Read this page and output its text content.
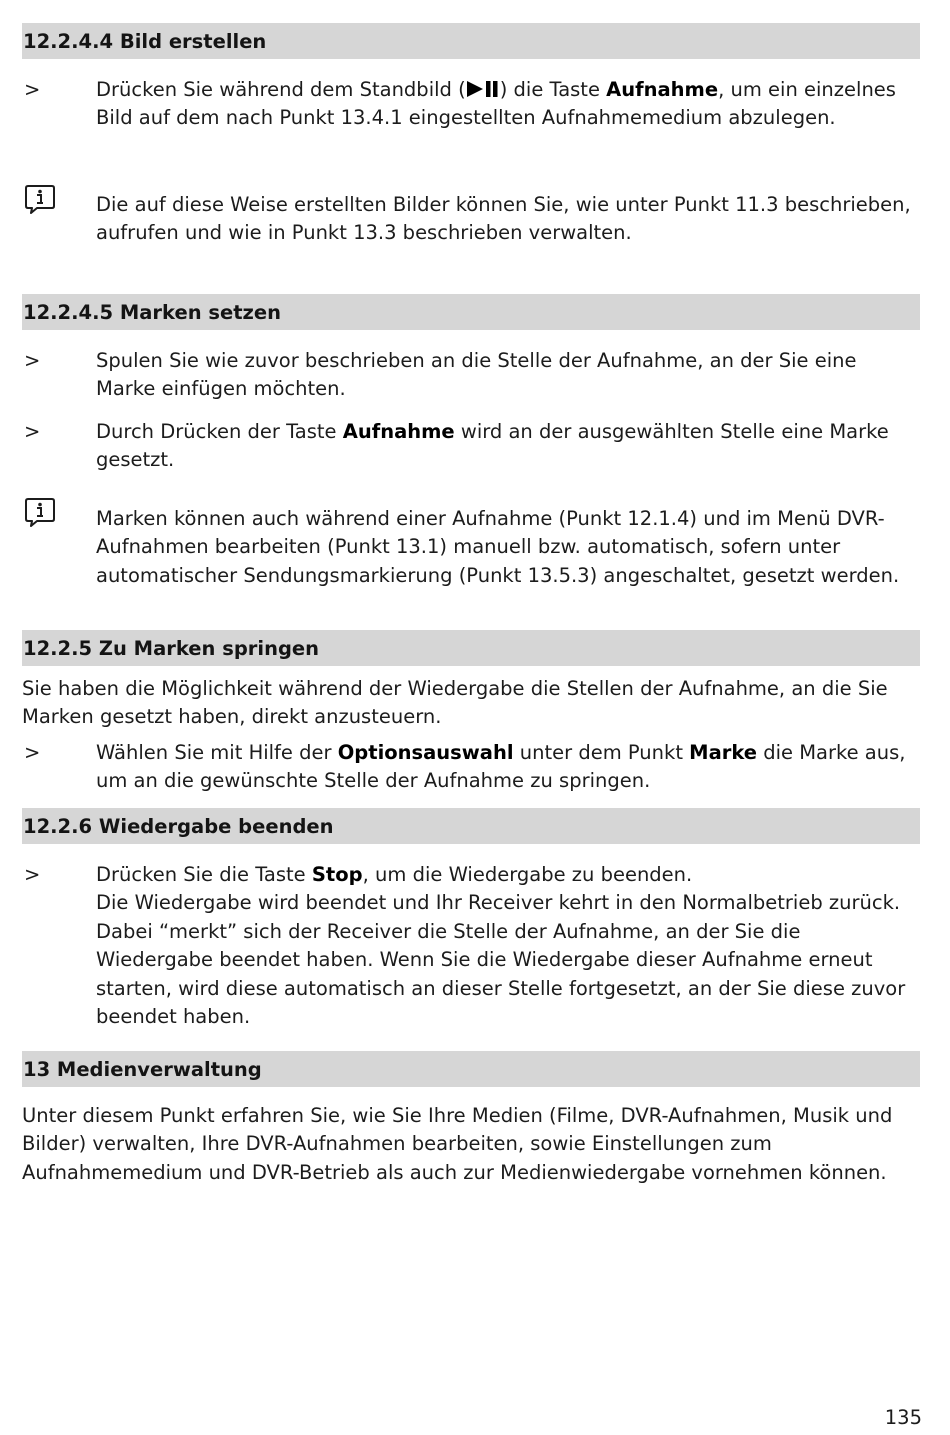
12.2.4.4 Bild erstellen
>	Drücken Sie während dem Standbild ( ) die Taste Aufnahme, um ein einzelnes Bild auf dem nach Punkt 13.4.1 eingestellten Aufnahmemedium abzulegen.

Die auf diese Weise erstellten Bilder können Sie, wie unter Punkt 11.3 beschrieben, aufrufen und wie in Punkt 13.3 beschrieben verwalten.

12.2.4.5 Marken setzen
>	Spulen Sie wie zuvor beschrieben an die Stelle der Aufnahme, an der Sie eine Marke einfügen möchten.

>	Durch Drücken der Taste Aufnahme wird an der ausgewählten Stelle eine Marke gesetzt.

Marken können auch während einer Aufnahme (Punkt 12.1.4) und im Menü DVR-Aufnahmen bearbeiten (Punkt 13.1) manuell bzw. automatisch, sofern unter automatischer Sendungsmarkierung (Punkt 13.5.3) angeschaltet, gesetzt werden.

12.2.5 Zu Marken springen

Sie haben die Möglichkeit während der Wiedergabe die Stellen der Aufnahme, an die Sie Marken gesetzt haben, direkt anzusteuern.

>	Wählen Sie mit Hilfe der Optionsauswahl unter dem Punkt Marke die Marke aus, um an die gewünschte Stelle der Aufnahme zu springen.

12.2.6 Wiedergabe beenden
>	Drücken Sie die Taste Stop, um die Wiedergabe zu beenden.
Die Wiedergabe wird beendet und Ihr Receiver kehrt in den Normalbetrieb zurück. Dabei “merkt” sich der Receiver die Stelle der Aufnahme, an der Sie die Wiedergabe beendet haben. Wenn Sie die Wiedergabe dieser Aufnahme erneut starten, wird diese automatisch an dieser Stelle fortgesetzt, an der Sie diese zuvor beendet haben.

13 Medienverwaltung

Unter diesem Punkt erfahren Sie, wie Sie Ihre Medien (Filme, DVR-Aufnahmen, Musik und Bilder) verwalten, Ihre DVR-Aufnahmen bearbeiten, sowie Einstellungen zum Aufnahmemedium und DVR-Betrieb als auch zur Medienwiedergabe vornehmen können.

135
